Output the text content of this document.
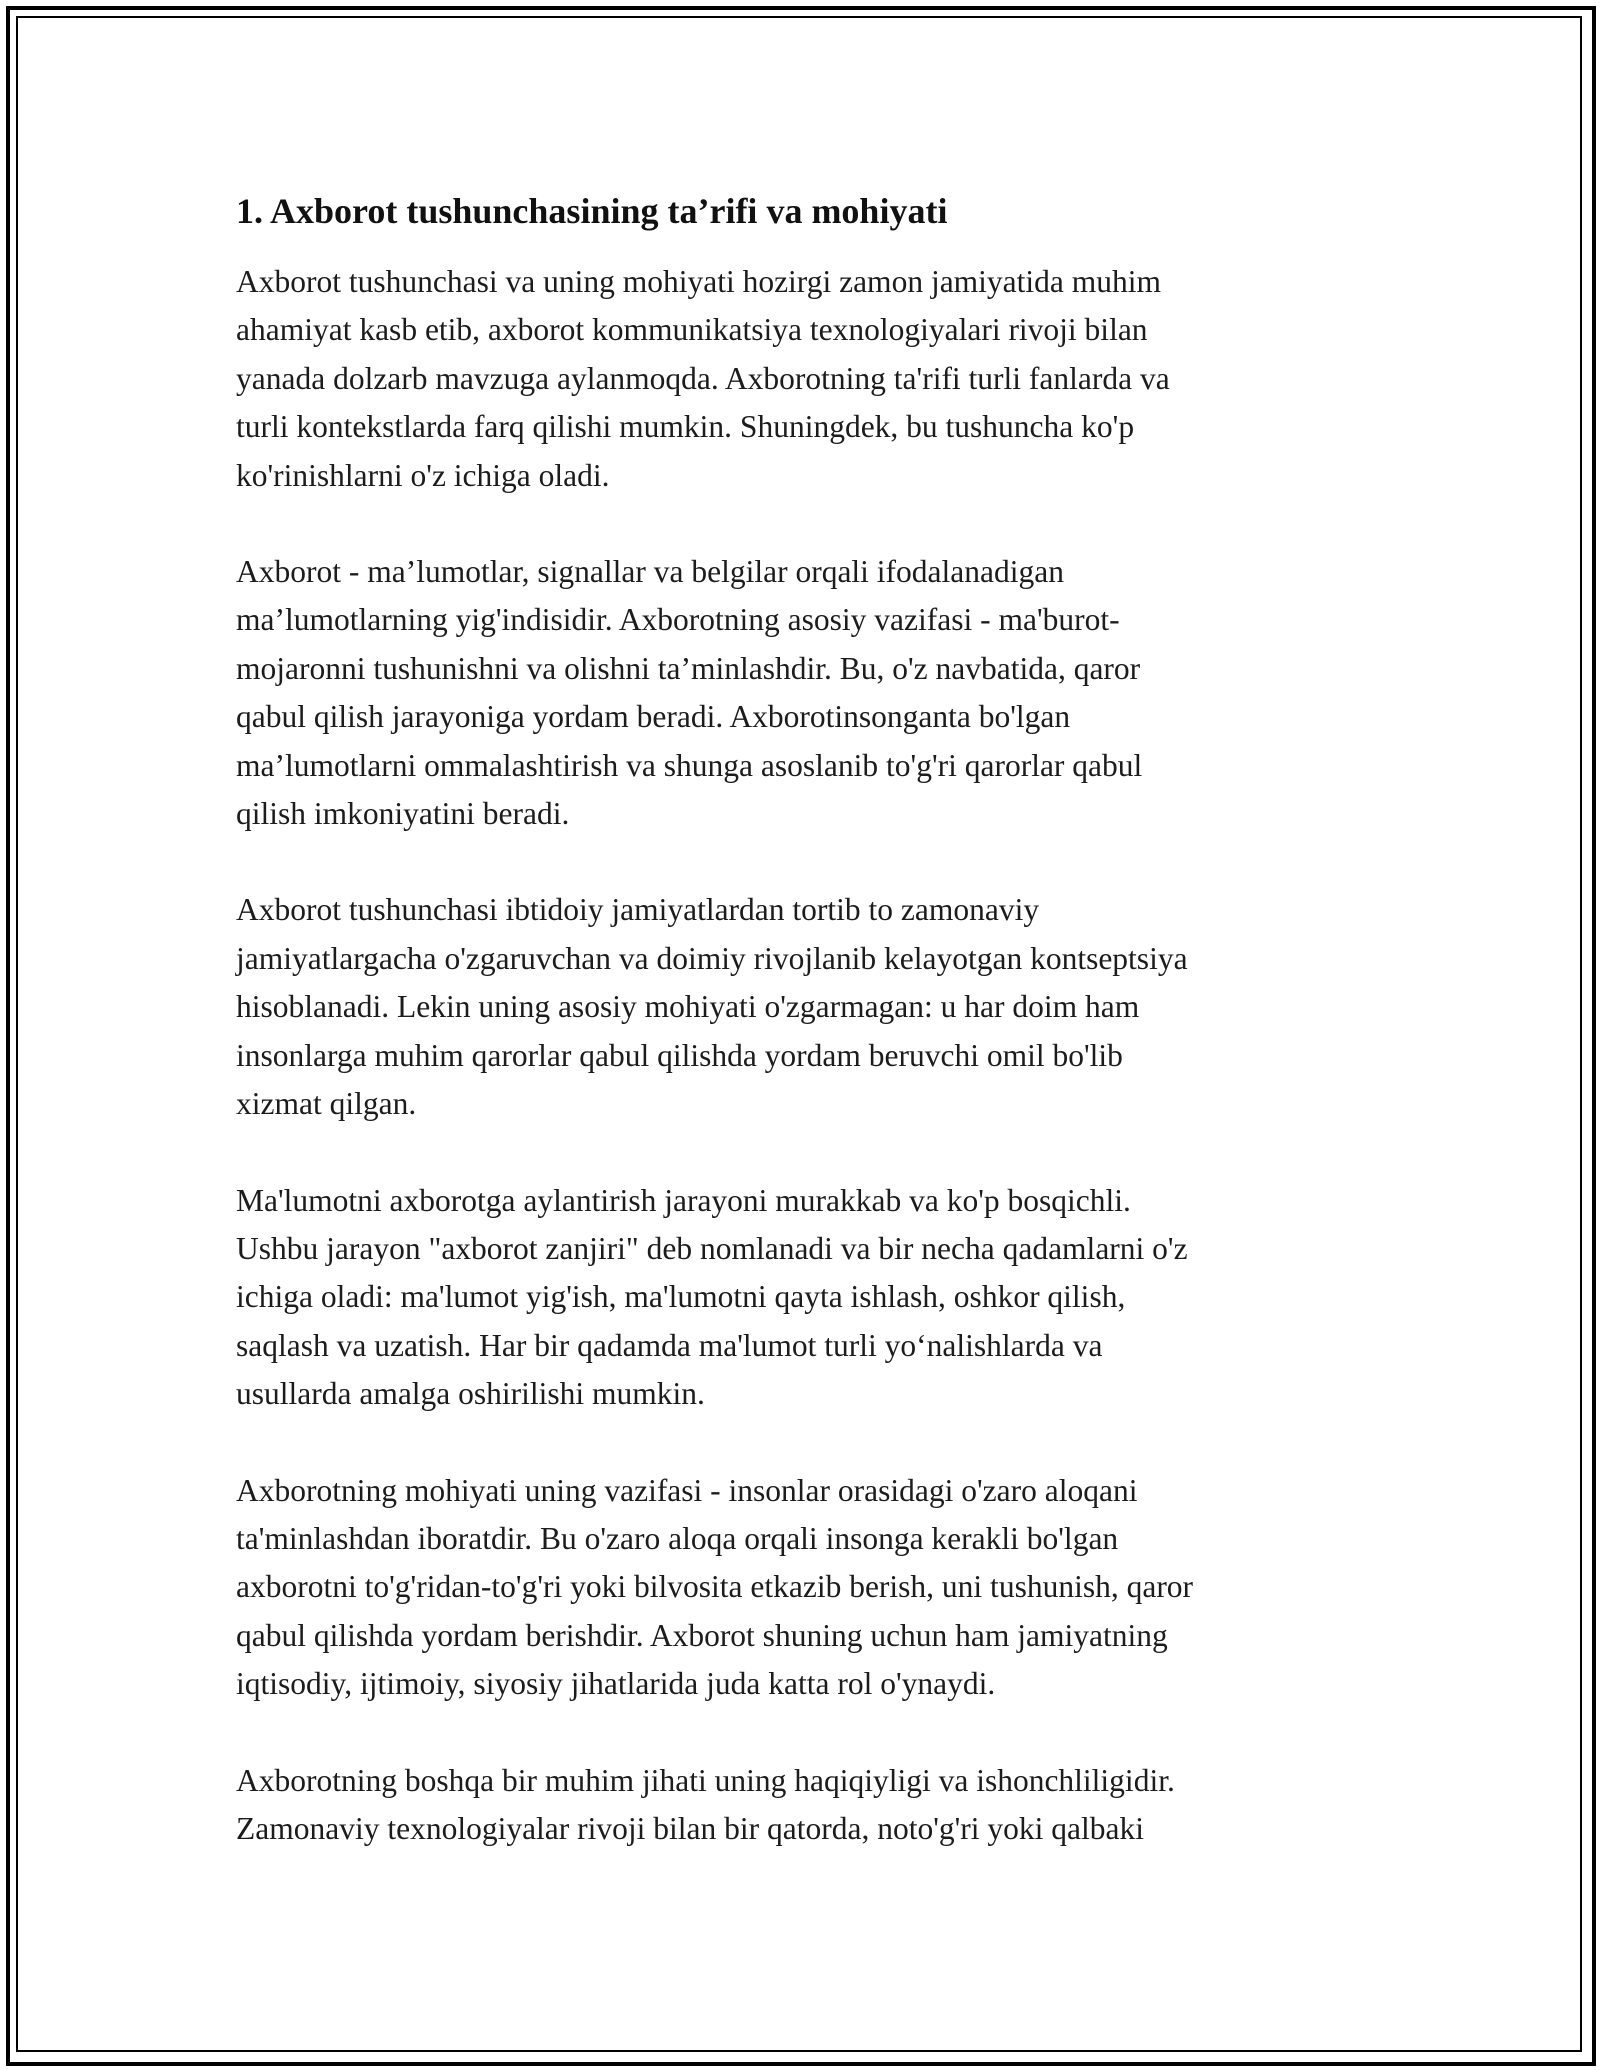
1. Axborot tushunchasining ta’rifi va mohiyati

Axborot tushunchasi va uning mohiyati hozirgi zamon jamiyatida muhim
ahamiyat kasb etib, axborot kommunikatsiya texnologiyalari rivoji bilan
yanada dolzarb mavzuga aylanmoqda. Axborotning ta'rifi turli fanlarda va
turli kontekstlarda farq qilishi mumkin. Shuningdek, bu tushuncha ko'p
ko'rinishlarni o'z ichiga oladi.

Axborot - ma’lumotlar, signallar va belgilar orqali ifodalanadigan
ma’lumotlarning yig'indisidir. Axborotning asosiy vazifasi - ma'burot-
mojaronni tushunishni va olishni ta’minlashdir. Bu, o'z navbatida, qaror
qabul qilish jarayoniga yordam beradi. Axborotinsonganta bo'lgan
ma’lumotlarni ommalashtirish va shunga asoslanib to'g'ri qarorlar qabul
qilish imkoniyatini beradi.

Axborot tushunchasi ibtidoiy jamiyatlardan tortib to zamonaviy
jamiyatlargacha o'zgaruvchan va doimiy rivojlanib kelayotgan kontseptsiya
hisoblanadi. Lekin uning asosiy mohiyati o'zgarmagan: u har doim ham
insonlarga muhim qarorlar qabul qilishda yordam beruvchi omil bo'lib
xizmat qilgan.

Ma'lumotni axborotga aylantirish jarayoni murakkab va ko'p bosqichli.
Ushbu jarayon "axborot zanjiri" deb nomlanadi va bir necha qadamlarni o'z
ichiga oladi: ma'lumot yig'ish, ma'lumotni qayta ishlash, oshkor qilish,
saqlash va uzatish. Har bir qadamda ma'lumot turli yo‘nalishlarda va
usullarda amalga oshirilishi mumkin.

Axborotning mohiyati uning vazifasi - insonlar orasidagi o'zaro aloqani
ta'minlashdan iboratdir. Bu o'zaro aloqa orqali insonga kerakli bo'lgan
axborotni to'g'ridan-to'g'ri yoki bilvosita etkazib berish, uni tushunish, qaror
qabul qilishda yordam berishdir. Axborot shuning uchun ham jamiyatning
iqtisodiy, ijtimoiy, siyosiy jihatlarida juda katta rol o'ynaydi.

Axborotning boshqa bir muhim jihati uning haqiqiyligi va ishonchliligidir.
Zamonaviy texnologiyalar rivoji bilan bir qatorda, noto'g'ri yoki qalbaki
